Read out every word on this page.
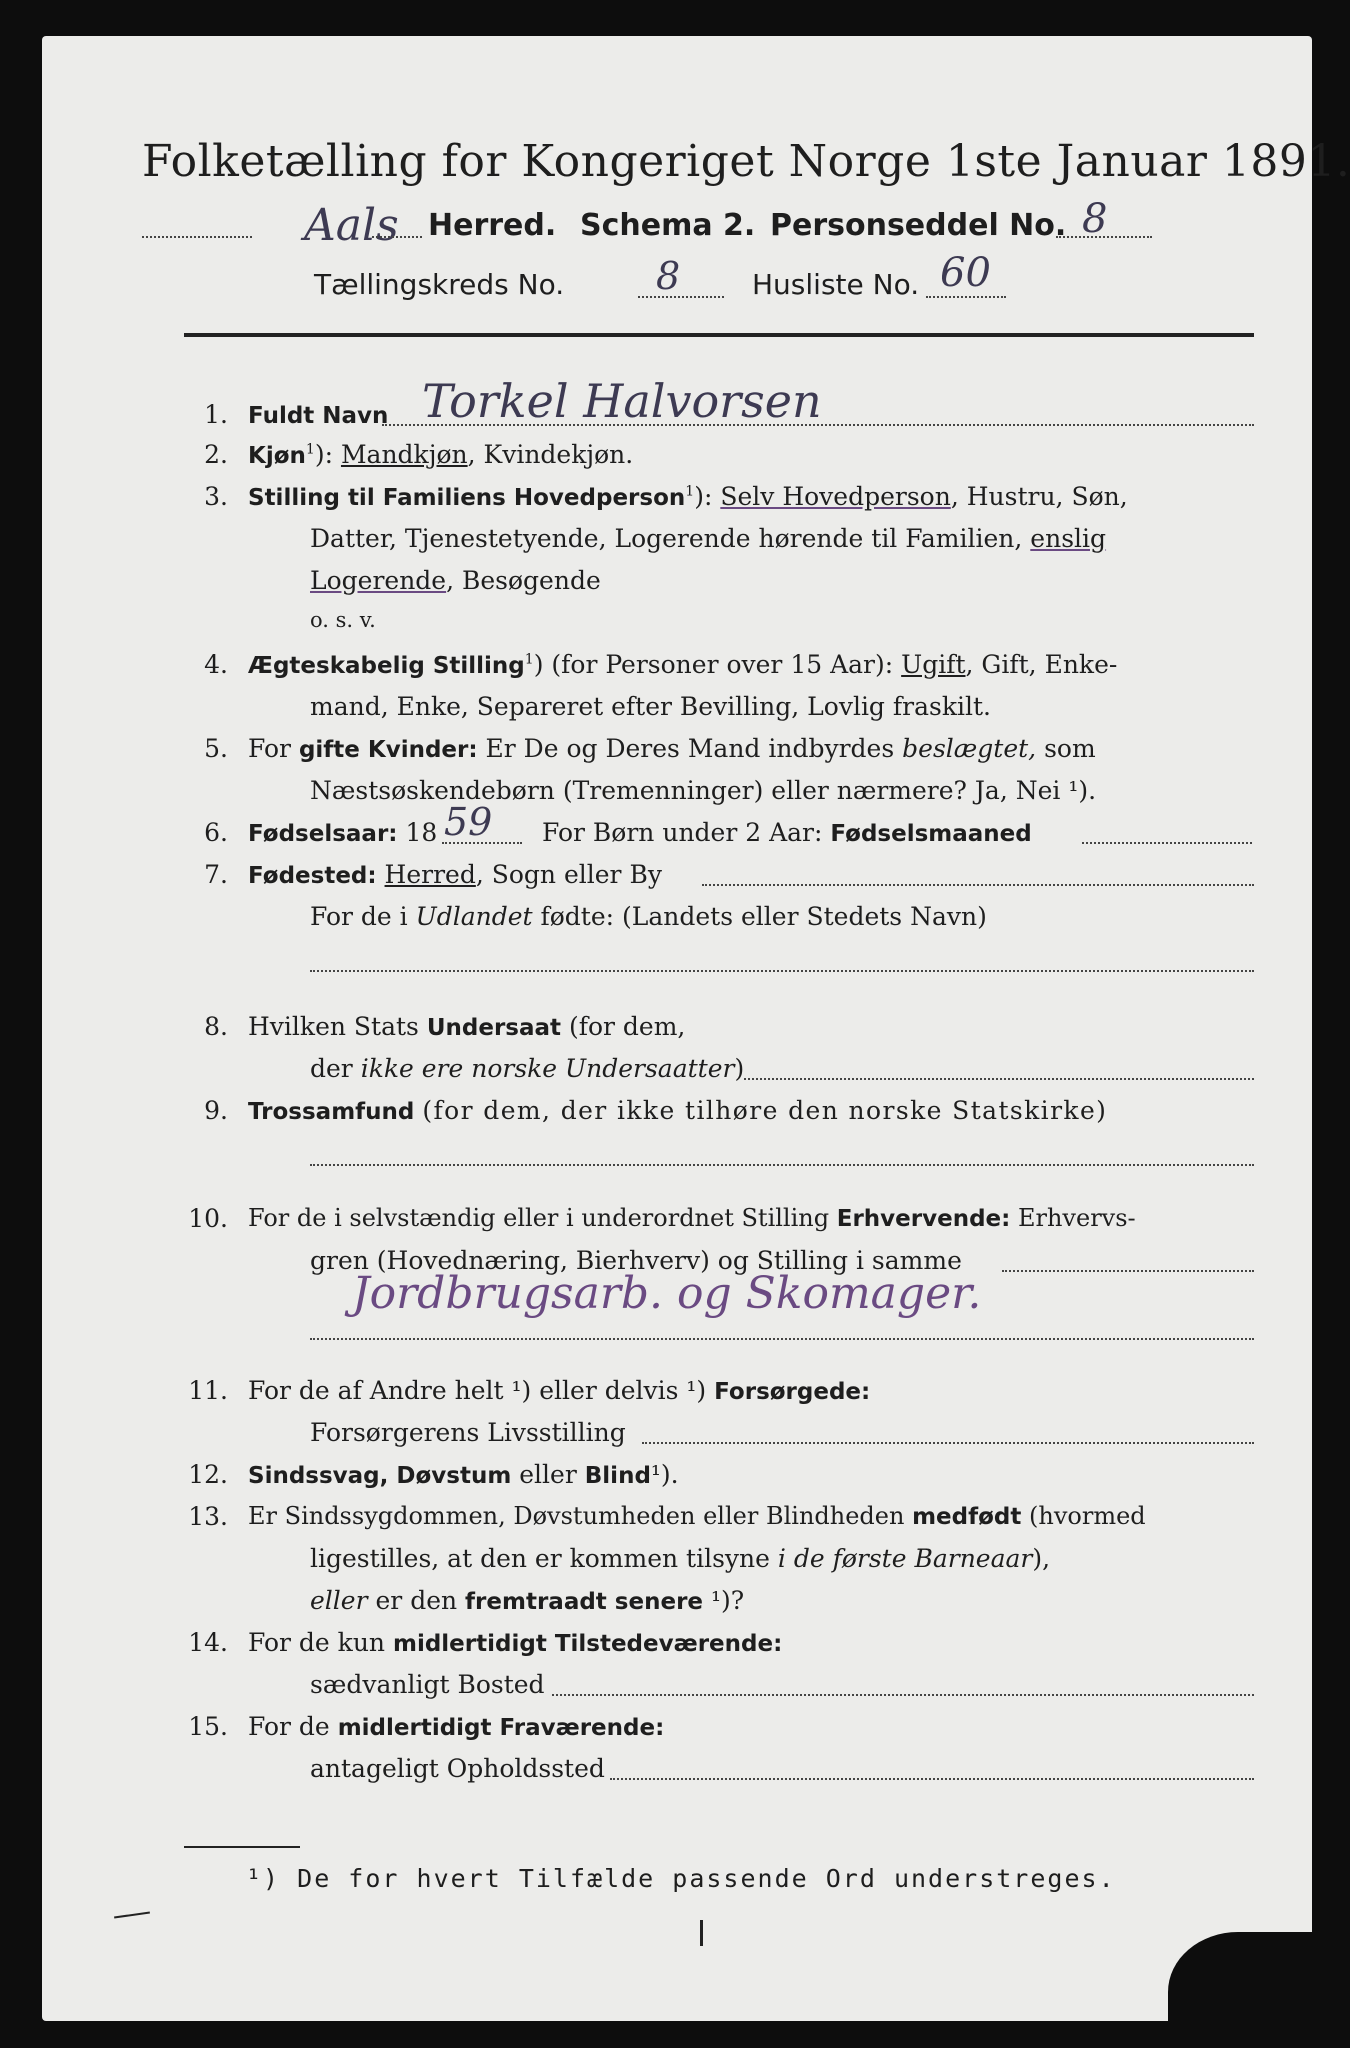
Folketælling for Kongeriget Norge 1ste Januar 1891.
Aals Herred. Schema 2. Personseddel No. 8
Tællingskreds No. 8	Husliste No. 60
1. Fuldt Navn Torkel Halvorsen
2. Kjøn$^1$): Mandkjøn, Kvindekjøn.
3. Stilling til Familiens Hovedperson$^1$): Selv Hovedperson, Hustru, Søn,
Datter, Tjenestetyende, Logerende hørende til Familien, enslig
Logerende, Besøgende
o. s. v.
4. Ægteskabelig Stilling$^1$) (for Personer over 15 Aar): Ugift, Gift, Enke-
mand, Enke, Separeret efter Bevilling, Lovlig fraskilt.
5. For gifte Kvinder: Er De og Deres Mand indbyrdes beslægtet, som
Næstsøskendebørn (Tremenninger) eller nærmere? Ja, Nei ¹).
6. Fødselsaar: 18 59 For Børn under 2 Aar: Fødselsmaaned
7. Fødested: Herred, Sogn eller By
For de i Udlandet fødte: (Landets eller Stedets Navn)
8. Hvilken Stats Undersaat (for dem,
der ikke ere norske Undersaatter)
9. Trossamfund (for dem, der ikke tilhøre den norske Statskirke)
10. For de i selvstændig eller i underordnet Stilling Erhvervende: Erhvervs-
gren (Hovednæring, Bierhverv) og Stilling i samme
Jordbrugsarb. og Skomager.
11. For de af Andre helt ¹) eller delvis ¹) Forsørgede:
Forsørgerens Livsstilling
12. Sindssvag, Døvstum eller Blind¹).
13. Er Sindssygdommen, Døvstumheden eller Blindheden medfødt (hvormed
ligestilles, at den er kommen tilsyne i de første Barneaar),
eller er den fremtraadt senere ¹)?
14. For de kun midlertidigt Tilstedeværende:
sædvanligt Bosted
15. For de midlertidigt Fraværende:
antageligt Opholdssted
¹) De for hvert Tilfælde passende Ord understreges.
